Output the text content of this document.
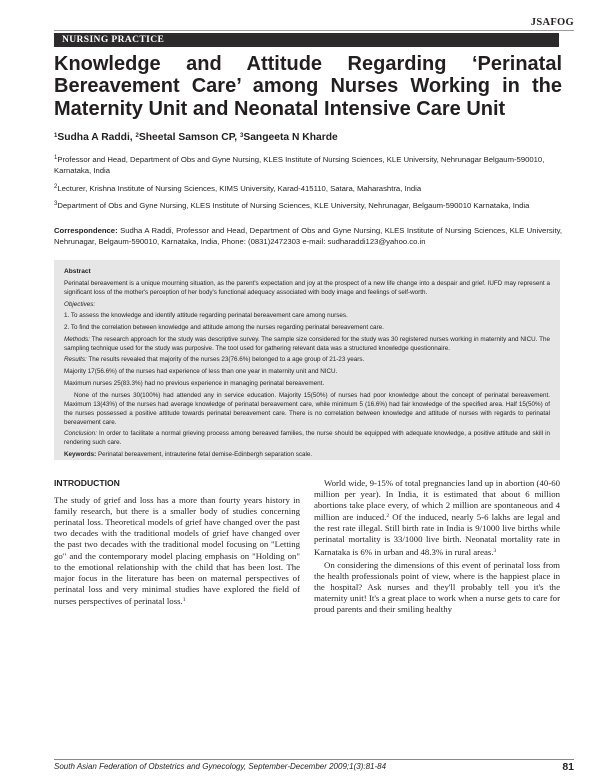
JSAFOG
NURSING PRACTICE
Knowledge and Attitude Regarding ‘Perinatal Bereavement Care’ among Nurses Working in the Maternity Unit and Neonatal Intensive Care Unit
$^1$Sudha A Raddi, $^2$Sheetal Samson CP, $^3$Sangeeta N Kharde

$^1$Professor and Head, Department of Obs and Gyne Nursing, KLES Institute of Nursing Sciences, KLE University, Nehrunagar Belgaum-590010, Karnataka, India

$^2$Lecturer, Krishna Institute of Nursing Sciences, KIMS University, Karad-415110, Satara, Maharashtra, India

$^3$Department of Obs and Gyne Nursing, KLES Institute of Nursing Sciences, KLE University, Nehrunagar, Belgaum-590010 Karnataka, India

Correspondence: Sudha A Raddi, Professor and Head, Department of Obs and Gyne Nursing, KLES Institute of Nursing Sciences, KLE University, Nehrunagar, Belgaum-590010, Karnataka, India, Phone: (0831)2472303 e-mail: sudharaddi123@yahoo.co.in

Abstract

Perinatal bereavement is a unique mourning situation, as the parent's expectation and joy at the prospect of a new life change into a despair and grief. IUFD may represent a significant loss of the mother's perception of her body's functional adequacy associated with body image and feelings of self-worth.

Objectives:

1. To assess the knowledge and identify attitude regarding perinatal bereavement care among nurses.

2. To find the correlation between knowledge and attitude among the nurses regarding perinatal bereavement care.

Methods: The research approach for the study was descriptive survey. The sample size considered for the study was 30 registered nurses working in maternity and NICU. The sampling technique used for the study was purposive. The tool used for gathering relevant data was a structured knowledge questionnaire.

Results: The results revealed that majority of the nurses 23(76.6%) belonged to a age group of 21-23 years.

Majority 17(56.6%) of the nurses had experience of less than one year in maternity unit and NICU.

Maximum nurses 25(83.3%) had no previous experience in managing perinatal bereavement.

None of the nurses 30(100%) had attended any in service education. Majority 15(50%) of nurses had poor knowledge about the concept of perinatal bereavement. Maximum 13(43%) of the nurses had average knowledge of perinatal bereavement care, while minimum 5 (16.6%) had fair knowledge of the specified area. Half 15(50%) of the nurses possessed a positive attitude towards perinatal bereavement care. There is no correlation between knowledge and attitude of nurses with regards to perinatal bereavement care.

Conclusion: In order to facilitate a normal grieving process among bereaved families, the nurse should be equipped with adequate knowledge, a positive attitude and skill in rendering such care.

Keywords: Perinatal bereavement, intrauterine fetal demise-Edinbergh separation scale.

INTRODUCTION

The study of grief and loss has a more than fourty years history in family research, but there is a smaller body of studies concerning perinatal loss. Theoretical models of grief have changed over the past two decades with the traditional models of grief have changed over the past two decades with the traditional model focusing on "Letting go" and the contemporary model placing emphasis on "Holding on" to the emotional relationship with the child that has been lost. The major focus in the literature has been on maternal perspectives of perinatal loss and very minimal studies have explored the field of nurses perspectives of perinatal loss.$^1$

World wide, 9-15% of total pregnancies land up in abortion (40-60 million per year). In India, it is estimated that about 6 million abortions take place every, of which 2 million are spontaneous and 4 million are induced.$^2$ Of the induced, nearly 5-6 lakhs are legal and the rest rate illegal. Still birth rate in India is 9/1000 live births while perinatal mortality is 33/1000 live birth. Neonatal mortality rate in Karnataka is 6% in urban and 48.3% in rural areas.$^3$

On considering the dimensions of this event of perinatal loss from the health professionals point of view, where is the happiest place in the hospital? Ask nurses and they'll probably tell you it's the maternity unit! It's a great place to work when a nurse gets to care for proud parents and their smiling healthy

South Asian Federation of Obstetrics and Gynecology, September-December 2009;1(3):81-84	81
